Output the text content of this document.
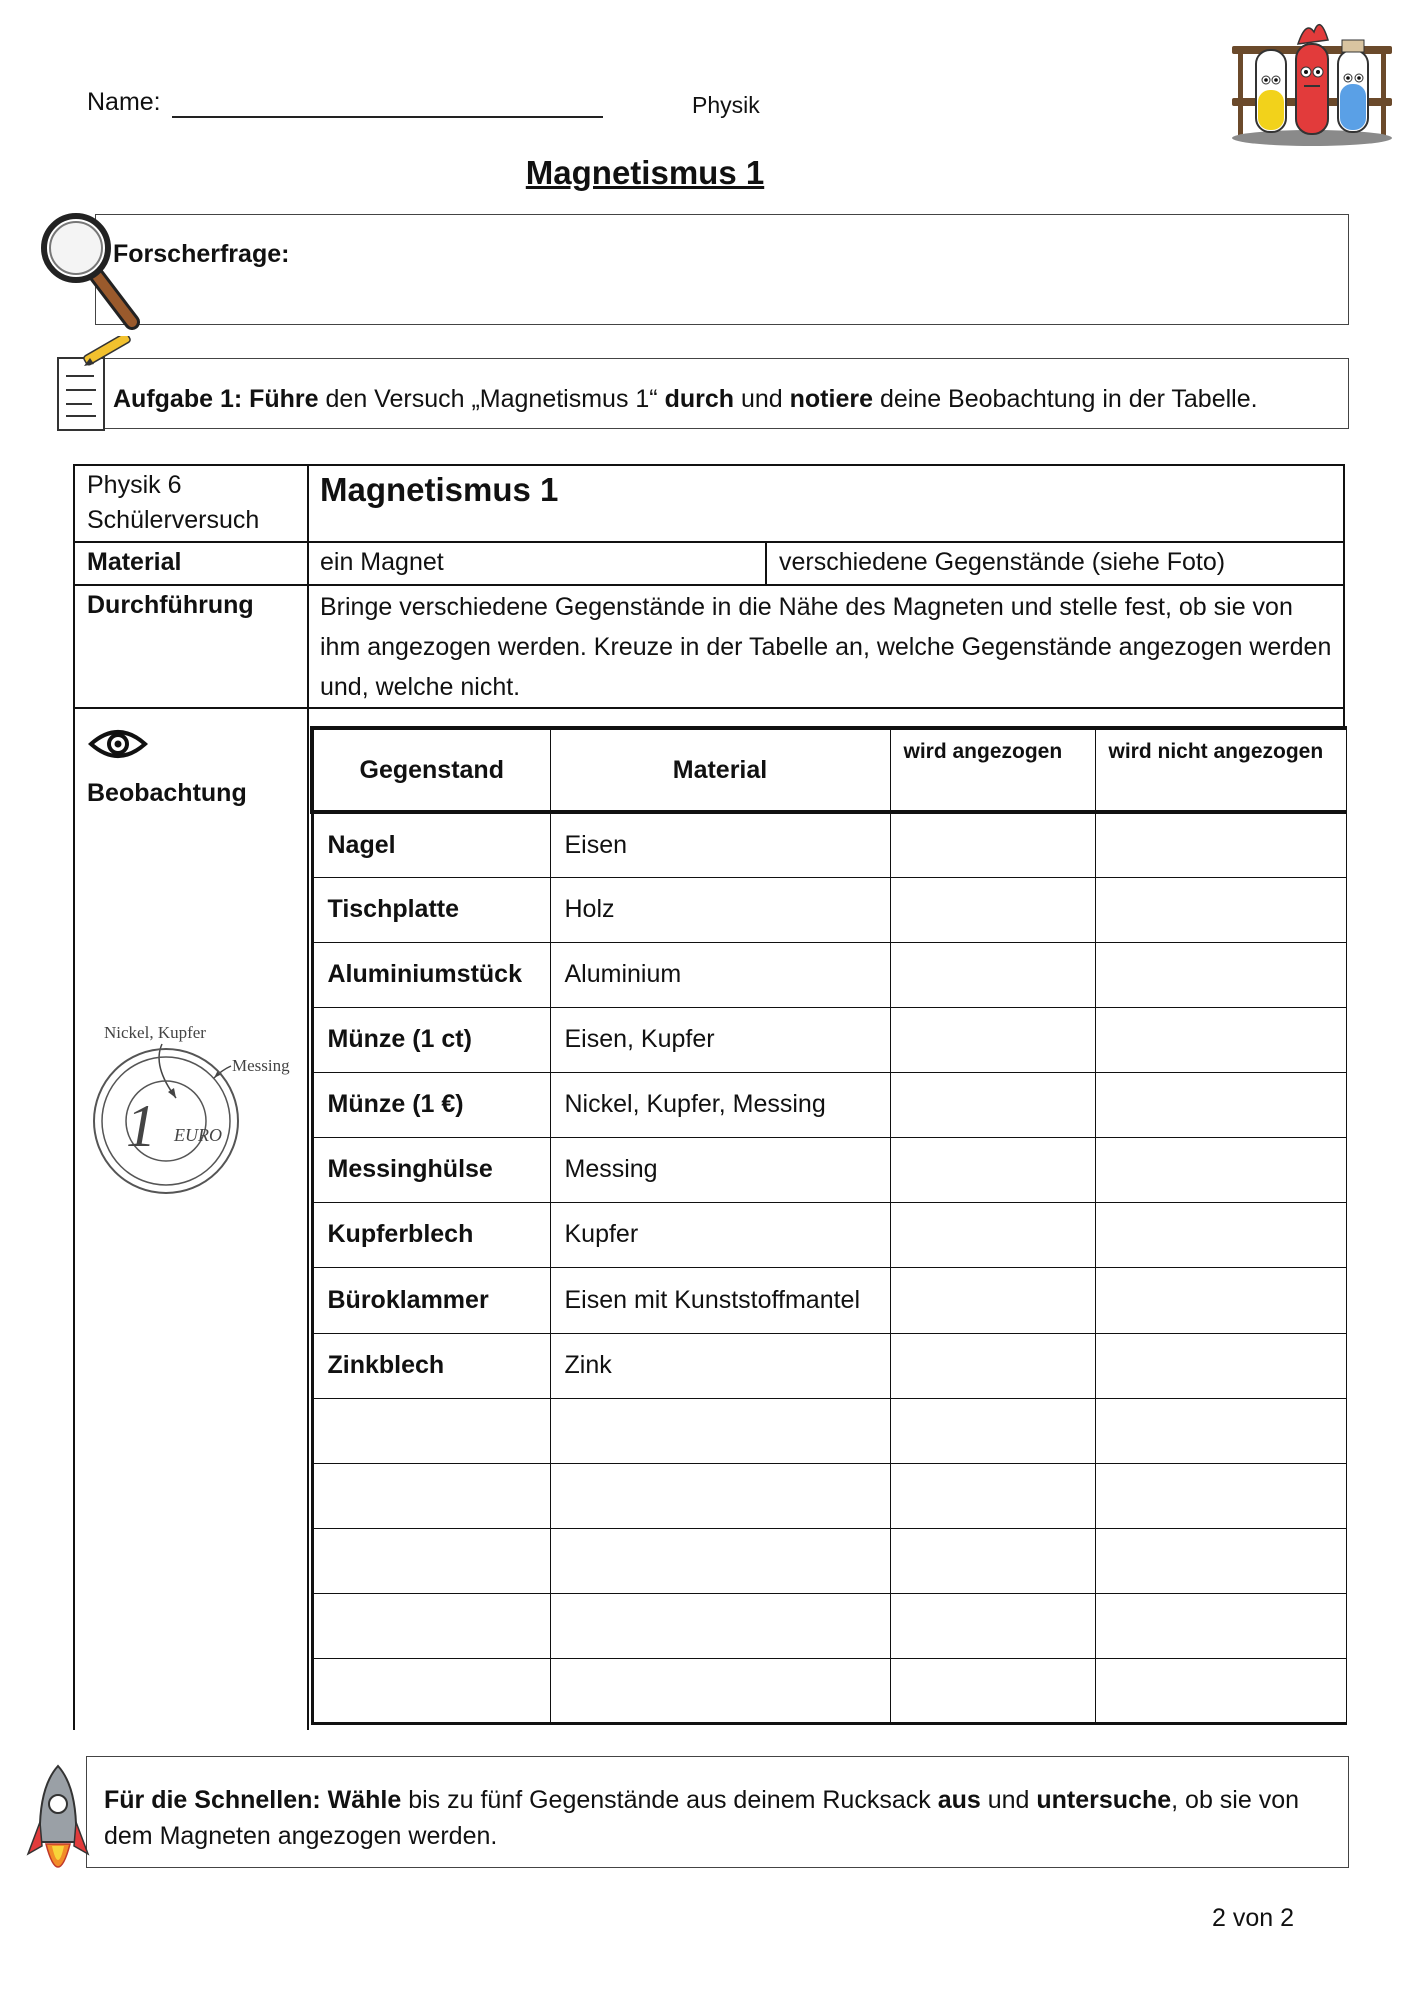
Name:	Physik
Magnetismus 1
Forscherfrage:
Aufgabe 1: Führe den Versuch „Magnetismus 1“ durch und notiere deine Beobachtung in der Tabelle.
Physik 6
Schülerversuch
Magnetismus 1
Material	ein Magnet	verschiedene Gegenstände (siehe Foto)
Durchführung	Bringe verschiedene Gegenstände in die Nähe des Magneten und stelle fest, ob sie von ihm angezogen werden. Kreuze in der Tabelle an, welche Gegenstände angezogen werden und, welche nicht.
Beobachtung
Nickel, Kupfer
Messing
1 EURO
Gegenstand	Material	wird angezogen	wird nicht angezogen
Nagel	Eisen		
Tischplatte	Holz		
Aluminiumstück	Aluminium		
Münze (1 ct)	Eisen, Kupfer		
Münze (1 €)	Nickel, Kupfer, Messing		
Messinghülse	Messing		
Kupferblech	Kupfer		
Büroklammer	Eisen mit Kunststoffmantel		
Zinkblech	Zink		

Für die Schnellen: Wähle bis zu fünf Gegenstände aus deinem Rucksack aus und untersuche, ob sie von dem Magneten angezogen werden.
2 von 2
